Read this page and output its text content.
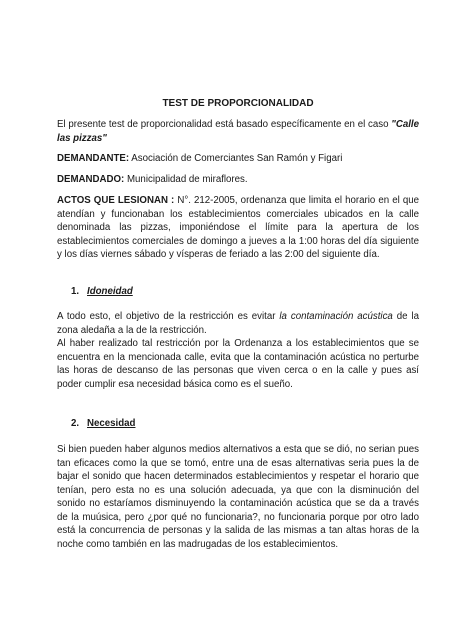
TEST DE PROPORCIONALIDAD
El presente test de proporcionalidad está basado específicamente en el caso "Calle las pizzas"
DEMANDANTE: Asociación de Comerciantes San Ramón y Figari
DEMANDADO: Municipalidad de miraflores.
ACTOS QUE LESIONAN : N°. 212-2005, ordenanza que limita el horario en el que atendían y funcionaban los establecimientos comerciales ubicados en la calle denominada las pizzas, imponiéndose el límite para la apertura de los establecimientos comerciales de domingo a jueves a la 1:00 horas del día siguiente y los días viernes sábado y vísperas de feriado a las 2:00 del siguiente día.
1. Idoneidad
A todo esto, el objetivo de la restricción es evitar la contaminación acústica de la zona aledaña a la de la restricción.
Al haber realizado tal restricción por la Ordenanza a los establecimientos que se encuentra en la mencionada calle, evita que la contaminación acústica no perturbe las horas de descanso de las personas que viven cerca o en la calle y pues así poder cumplir esa necesidad básica como es el sueño.
2. Necesidad
Si bien pueden haber algunos medios alternativos a esta que se dió, no serian pues tan eficaces como la que se tomó, entre una de esas alternativas seria pues la de bajar el sonido que hacen determinados establecimientos y respetar el horario que tenían, pero esta no es una solución adecuada, ya que con la disminución del sonido no estaríamos disminuyendo la contaminación acústica que se da a través de la muúsica, pero ¿por qué no funcionaria?, no funcionaria porque por otro lado está la concurrencia de personas y la salida de las mismas a tan altas horas de la noche como también en las madrugadas de los establecimientos.
